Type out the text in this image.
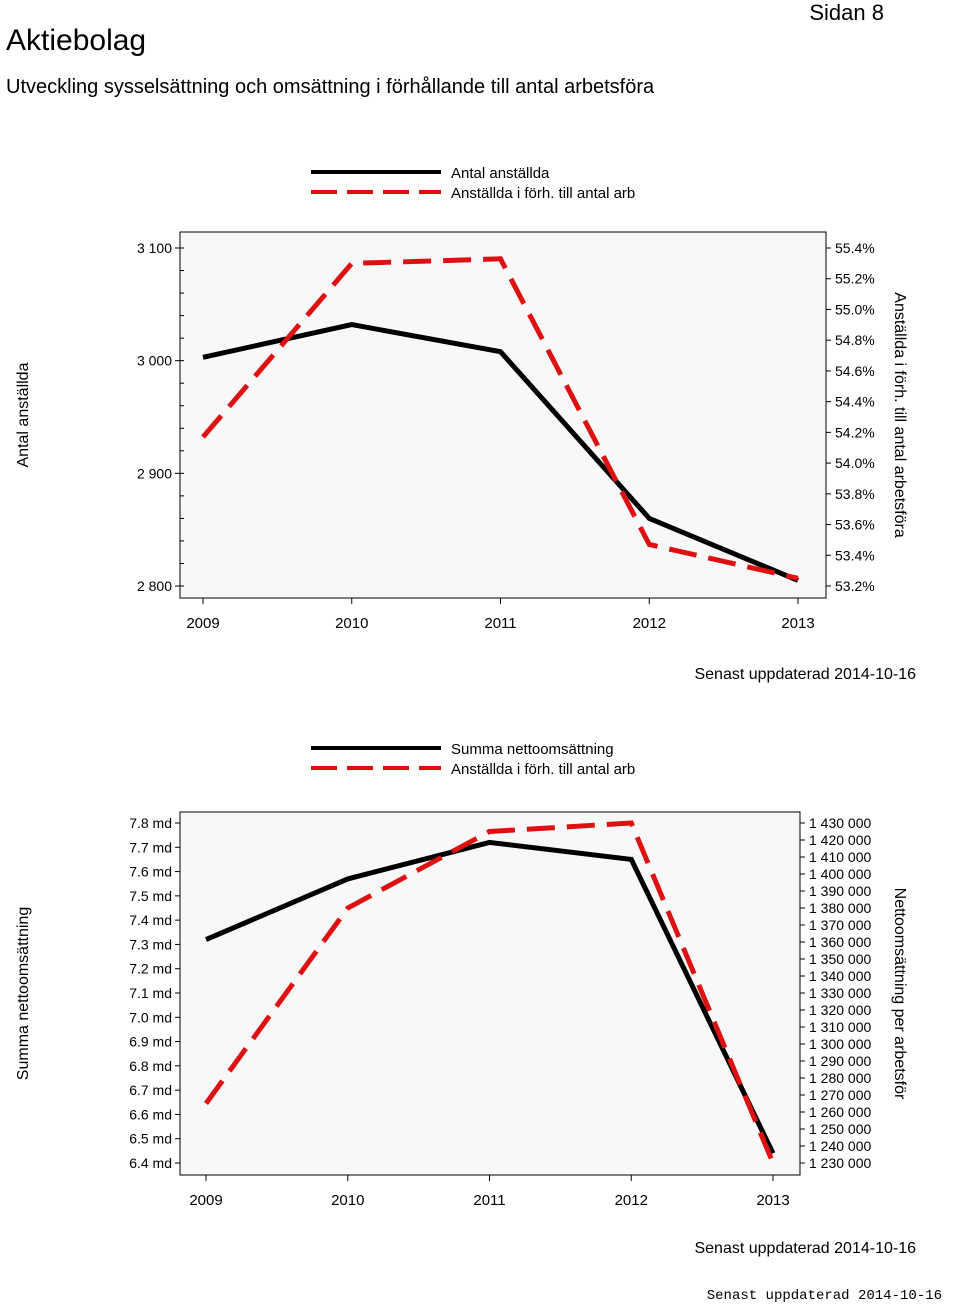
Aktiebolag
Sidan 8
Utveckling sysselsättning och omsättning i förhållande till antal arbetsföra
Antal anställda
Anställda i förh. till antal arb
3 100
3 000
2 900
2 800
55.4%
55.2%
55.0%
54.8%
54.6%
54.4%
54.2%
54.0%
53.8%
53.6%
53.4%
53.2%
2009	2010	2011	2012	2013
Antal anställda	Anställda i förh. till antal arbetsföra
Senast uppdaterad 2014-10-16
Summa nettoomsättning
Anställda i förh. till antal arb
7.8 md
7.7 md
7.6 md
7.5 md
7.4 md
7.3 md
7.2 md
7.1 md
7.0 md
6.9 md
6.8 md
6.7 md
6.6 md
6.5 md
6.4 md
1 430 000
1 420 000
1 410 000
1 400 000
1 390 000
1 380 000
1 370 000
1 360 000
1 350 000
1 340 000
1 330 000
1 320 000
1 310 000
1 300 000
1 290 000
1 280 000
1 270 000
1 260 000
1 250 000
1 240 000
1 230 000
2009	2010	2011	2012	2013
Summa nettoomsättning	Nettoomsättning per arbetsför
Senast uppdaterad 2014-10-16
Senast uppdaterad 2014-10-16
